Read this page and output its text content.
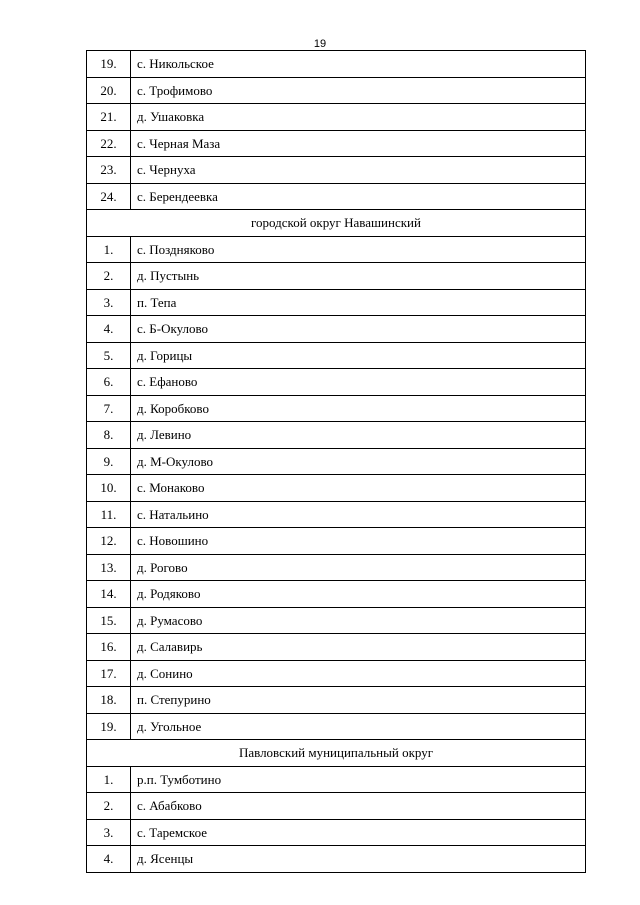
19
19.	с. Никольское
20.	с. Трофимово
21.	д. Ушаковка
22.	с. Черная Маза
23.	с. Чернуха
24.	с. Берендеевка
городской округ Навашинский	
1.	с. Поздняково
2.	д. Пустынь
3.	п. Тепа
4.	с. Б-Окулово
5.	д. Горицы
6.	с. Ефаново
7.	д. Коробково
8.	д. Левино
9.	д. М-Окулово
10.	с. Монаково
11.	с. Натальино
12.	с. Новошино
13.	д. Рогово
14.	д. Родяково
15.	д. Румасово
16.	д. Салавирь
17.	д. Сонино
18.	п. Степурино
19.	д. Угольное
Павловский муниципальный округ	
1.	р.п. Тумботино
2.	с. Абабково
3.	с. Таремское
4.	д. Ясенцы
